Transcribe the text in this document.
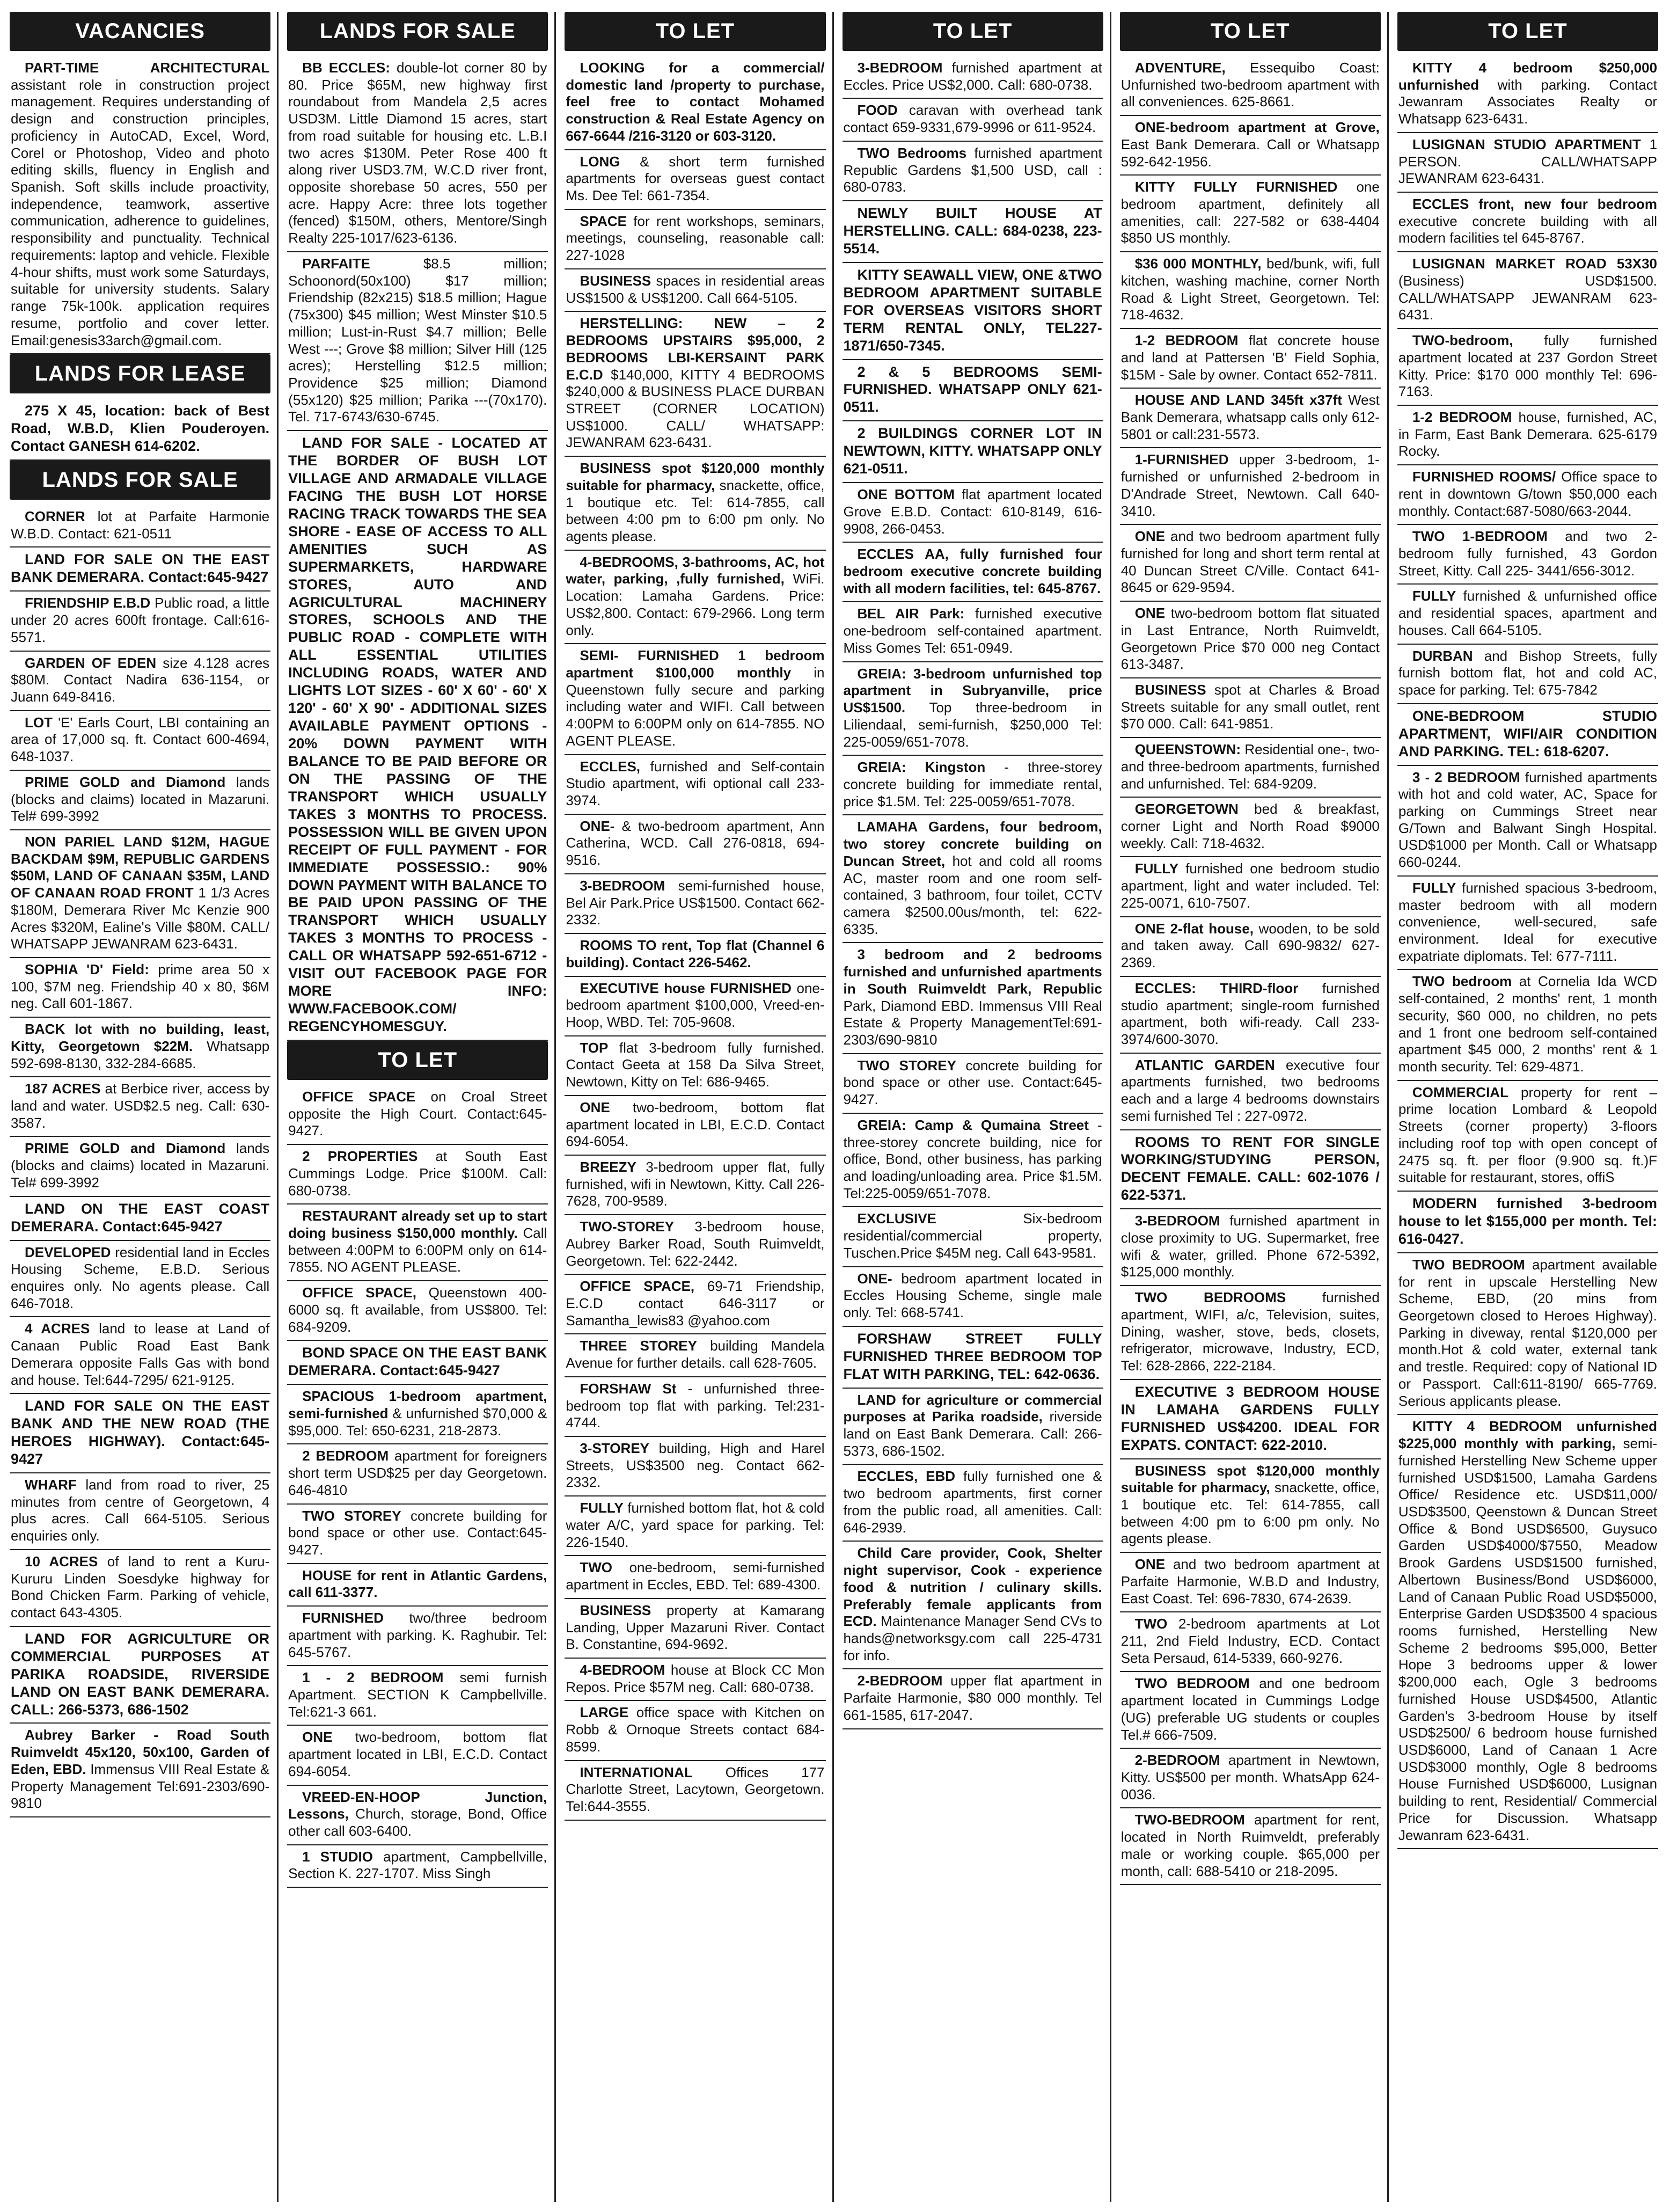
VACANCIES
PART-TIME ARCHITECTURAL assistant role in construction project management. Requires understanding of design and construction principles, proficiency in AutoCAD, Excel, Word, Corel or Photoshop, Video and photo editing skills, fluency in English and Spanish. Soft skills include proactivity, independence, teamwork, assertive communication, adherence to guidelines, responsibility and punctuality. Technical requirements: laptop and vehicle. Flexible 4-hour shifts, must work some Saturdays, suitable for university students. Salary range 75k-100k. application requires resume, portfolio and cover letter. Email:genesis33arch@gmail.com.
LANDS FOR LEASE
275 X 45, location: back of Best Road, W.B.D, Klien Pouderoyen. Contact GANESH 614-6202.
LANDS FOR SALE
CORNER lot at Parfaite Harmonie W.B.D. Contact: 621-0511
LAND FOR SALE ON THE EAST BANK DEMERARA. Contact:645-9427
FRIENDSHIP E.B.D Public road, a little under 20 acres 600ft frontage. Call:616-5571.
GARDEN OF EDEN size 4.128 acres $80M. Contact Nadira 636-1154, or Juann 649-8416.
LOT 'E' Earls Court, LBI containing an area of 17,000 sq. ft. Contact 600-4694, 648-1037.
PRIME GOLD and Diamond lands (blocks and claims) located in Mazaruni. Tel# 699-3992
NON PARIEL LAND $12M, HAGUE BACKDAM $9M, REPUBLIC GARDENS $50M, LAND OF CANAAN $35M, LAND OF CANAAN ROAD FRONT 1 1/3 Acres $180M, Demerara River Mc Kenzie 900 Acres $320M, Ealine's Ville $80M. CALL/ WHATSAPP JEWANRAM 623-6431.
SOPHIA 'D' Field: prime area 50 x 100, $7M neg. Friendship 40 x 80, $6M neg. Call 601-1867.
BACK lot with no building, least, Kitty, Georgetown $22M. Whatsapp 592-698-8130, 332-284-6685.
187 ACRES at Berbice river, access by land and water. USD$2.5 neg. Call: 630-3587.
PRIME GOLD and Diamond lands (blocks and claims) located in Mazaruni. Tel# 699-3992
LAND ON THE EAST COAST DEMERARA. Contact:645-9427
DEVELOPED residential land in Eccles Housing Scheme, E.B.D. Serious enquires only. No agents please. Call 646-7018.
4 ACRES land to lease at Land of Canaan Public Road East Bank Demerara opposite Falls Gas with bond and house. Tel:644-7295/ 621-9125.
LAND FOR SALE ON THE EAST BANK AND THE NEW ROAD (THE HEROES HIGHWAY). Contact:645-9427
WHARF land from road to river, 25 minutes from centre of Georgetown, 4 plus acres. Call 664-5105. Serious enquiries only.
10 ACRES of land to rent a Kuru-Kururu Linden Soesdyke highway for Bond Chicken Farm. Parking of vehicle, contact 643-4305.
LAND FOR AGRICULTURE OR COMMERCIAL PURPOSES AT PARIKA ROADSIDE, RIVERSIDE LAND ON EAST BANK DEMERARA. CALL: 266-5373, 686-1502
Aubrey Barker - Road South Ruimveldt 45x120, 50x100, Garden of Eden, EBD. Immensus VIII Real Estate & Property Management Tel:691-2303/690-9810
LANDS FOR SALE
BB ECCLES: double-lot corner 80 by 80. Price $65M, new highway first roundabout from Mandela 2,5 acres USD3M. Little Diamond 15 acres, start from road suitable for housing etc. L.B.I two acres $130M. Peter Rose 400 ft along river USD3.7M, W.C.D river front, opposite shorebase 50 acres, 550 per acre. Happy Acre: three lots together (fenced) $150M, others, Mentore/Singh Realty 225-1017/623-6136.
PARFAITE	$8.5 million; Schoonord(50x100) $17 million; Friendship (82x215) $18.5 million; Hague (75x300) $45 million; West Minster $10.5 million; Lust-in-Rust $4.7 million; Belle West ---; Grove $8 million; Silver Hill (125 acres); Herstelling $12.5 million; Providence $25 million; Diamond (55x120) $25 million; Parika ---(70x170). Tel. 717-6743/630-6745.
LAND FOR SALE - LOCATED AT THE BORDER OF BUSH LOT VILLAGE AND ARMADALE VILLAGE FACING THE BUSH LOT HORSE RACING TRACK TOWARDS THE SEA SHORE - EASE OF ACCESS TO ALL AMENITIES SUCH AS SUPERMARKETS, HARDWARE STORES, AUTO AND AGRICULTURAL MACHINERY STORES, SCHOOLS AND THE PUBLIC ROAD - COMPLETE WITH ALL ESSENTIAL UTILITIES INCLUDING ROADS, WATER AND LIGHTS LOT SIZES - 60' X 60' - 60' X 120' - 60' X 90' - ADDITIONAL SIZES AVAILABLE PAYMENT OPTIONS - 20% DOWN PAYMENT WITH BALANCE TO BE PAID BEFORE OR ON THE PASSING OF THE TRANSPORT WHICH USUALLY TAKES 3 MONTHS TO PROCESS. POSSESSION WILL BE GIVEN UPON RECEIPT OF FULL PAYMENT - FOR IMMEDIATE POSSESSIO.: 90% DOWN PAYMENT WITH BALANCE TO BE PAID UPON PASSING OF THE TRANSPORT WHICH USUALLY TAKES 3 MONTHS TO PROCESS - CALL OR WHATSAPP 592-651-6712 - VISIT OUT FACEBOOK PAGE FOR MORE INFO: WWW.FACEBOOK.COM/ REGENCYHOMESGUY.
TO LET
OFFICE SPACE on Croal Street opposite the High Court. Contact:645-9427.
2 PROPERTIES at South East Cummings Lodge. Price $100M. Call: 680-0738.
RESTAURANT already set up to start doing business $150,000 monthly. Call between 4:00PM to 6:00PM only on 614-7855. NO AGENT PLEASE.
OFFICE SPACE, Queenstown 400-6000 sq. ft available, from US$800. Tel: 684-9209.
BOND SPACE ON THE EAST BANK DEMERARA. Contact:645-9427
SPACIOUS 1-bedroom apartment, semi-furnished & unfurnished $70,000 & $95,000. Tel: 650-6231, 218-2873.
2 BEDROOM apartment for foreigners short term USD$25 per day Georgetown. 646-4810
TWO STOREY concrete building for bond space or other use. Contact:645-9427.
HOUSE for rent in Atlantic Gardens, call 611-3377.
FURNISHED two/three bedroom apartment with parking. K. Raghubir. Tel: 645-5767.
1 - 2 BEDROOM semi furnish Apartment. SECTION K Campbellville. Tel:621-3 661.
ONE two-bedroom, bottom flat apartment located in LBI, E.C.D. Contact 694-6054.
VREED-EN-HOOP Junction, Lessons, Church, storage, Bond, Office other call 603-6400.
1 STUDIO apartment, Campbellville, Section K. 227-1707. Miss Singh
TO LET
LOOKING for a commercial/ domestic land /property to purchase, feel free to contact Mohamed construction & Real Estate Agency on 667-6644 /216-3120 or 603-3120.
LONG & short term furnished apartments for overseas guest contact Ms. Dee Tel: 661-7354.
SPACE for rent workshops, seminars, meetings, counseling, reasonable call: 227-1028
BUSINESS spaces in residential areas US$1500 & US$1200. Call 664-5105.
HERSTELLING: NEW – 2 BEDROOMS UPSTAIRS $95,000, 2 BEDROOMS LBI-KERSAINT PARK E.C.D $140,000, KITTY 4 BEDROOMS $240,000 & BUSINESS PLACE DURBAN STREET (CORNER LOCATION) US$1000. CALL/ WHATSAPP: JEWANRAM 623-6431.
BUSINESS spot $120,000 monthly suitable for pharmacy, snackette, office, 1 boutique etc. Tel: 614-7855, call between 4:00 pm to 6:00 pm only. No agents please.
4-BEDROOMS, 3-bathrooms, AC, hot water, parking, ,fully furnished, WiFi. Location: Lamaha Gardens. Price: US$2,800. Contact: 679-2966. Long term only.
SEMI- FURNISHED 1 bedroom apartment $100,000 monthly in Queenstown fully secure and parking including water and WIFI. Call between 4:00PM to 6:00PM only on 614-7855. NO AGENT PLEASE.
ECCLES, furnished and Self-contain Studio apartment, wifi optional call 233-3974.
ONE- & two-bedroom apartment, Ann Catherina, WCD. Call 276-0818, 694-9516.
3-BEDROOM semi-furnished house, Bel Air Park.Price US$1500. Contact 662-2332.
ROOMS TO rent, Top flat (Channel 6 building). Contact 226-5462.
EXECUTIVE house FURNISHED one-bedroom apartment $100,000, Vreed-en-Hoop, WBD. Tel: 705-9608.
TOP flat 3-bedroom fully furnished. Contact Geeta at 158 Da Silva Street, Newtown, Kitty on Tel: 686-9465.
ONE two-bedroom, bottom flat apartment located in LBI, E.C.D. Contact 694-6054.
BREEZY 3-bedroom upper flat, fully furnished, wifi in Newtown, Kitty. Call 226-7628, 700-9589.
TWO-STOREY 3-bedroom house, Aubrey Barker Road, South Ruimveldt, Georgetown. Tel: 622-2442.
OFFICE SPACE, 69-71 Friendship, E.C.D contact 646-3117 or Samantha_lewis83 @yahoo.com
THREE STOREY building Mandela Avenue for further details. call 628-7605.
FORSHAW St - unfurnished three-bedroom top flat with parking. Tel:231-4744.
3-STOREY building, High and Harel Streets, US$3500 neg. Contact 662-2332.
FULLY furnished bottom flat, hot & cold water A/C, yard space for parking. Tel: 226-1540.
TWO one-bedroom, semi-furnished apartment in Eccles, EBD. Tel: 689-4300.
BUSINESS property at Kamarang Landing, Upper Mazaruni River. Contact B. Constantine, 694-9692.
4-BEDROOM house at Block CC Mon Repos. Price $57M neg. Call: 680-0738.
LARGE office space with Kitchen on Robb & Ornoque Streets contact 684-8599.
INTERNATIONAL Offices 177 Charlotte Street, Lacytown, Georgetown. Tel:644-3555.
TO LET
3-BEDROOM furnished apartment at Eccles. Price US$2,000. Call: 680-0738.
FOOD caravan with overhead tank contact 659-9331,679-9996 or 611-9524.
TWO Bedrooms furnished apartment Republic Gardens $1,500 USD, call : 680-0783.
NEWLY BUILT HOUSE AT HERSTELLING. CALL: 684-0238, 223-5514.
KITTY SEAWALL VIEW, ONE &TWO BEDROOM APARTMENT SUITABLE FOR OVERSEAS VISITORS SHORT TERM RENTAL ONLY, TEL227-1871/650-7345.
2 & 5 BEDROOMS SEMI-FURNISHED. WHATSAPP ONLY 621-0511.
2 BUILDINGS CORNER LOT IN NEWTOWN, KITTY. WHATSAPP ONLY 621-0511.
ONE BOTTOM flat apartment located Grove E.B.D. Contact: 610-8149, 616-9908, 266-0453.
ECCLES AA, fully furnished four bedroom executive concrete building with all modern facilities, tel: 645-8767.
BEL AIR Park: furnished executive one-bedroom self-contained apartment. Miss Gomes Tel: 651-0949.
GREIA: 3-bedroom unfurnished top apartment in Subryanville, price US$1500. Top three-bedroom in Liliendaal, semi-furnish, $250,000 Tel: 225-0059/651-7078.
GREIA: Kingston - three-storey concrete building for immediate rental, price $1.5M. Tel: 225-0059/651-7078.
LAMAHA Gardens, four bedroom, two storey concrete building on Duncan Street, hot and cold all rooms AC, master room and one room self-contained, 3 bathroom, four toilet, CCTV camera $2500.00us/month, tel: 622-6335.
3 bedroom and 2 bedrooms furnished and unfurnished apartments in South Ruimveldt Park, Republic Park, Diamond EBD. Immensus VIII Real Estate & Property ManagementTel:691-2303/690-9810
TWO STOREY concrete building for bond space or other use. Contact:645-9427.
GREIA: Camp & Qumaina Street - three-storey concrete building, nice for office, Bond, other business, has parking and loading/unloading area. Price $1.5M. Tel:225-0059/651-7078.
EXCLUSIVE	Six-bedroom residential/commercial property, Tuschen.Price $45M neg. Call 643-9581.
ONE- bedroom apartment located in Eccles Housing Scheme, single male only. Tel: 668-5741.
FORSHAW STREET FULLY FURNISHED THREE BEDROOM TOP FLAT WITH PARKING, TEL: 642-0636.
LAND for agriculture or commercial purposes at Parika roadside, riverside land on East Bank Demerara. Call: 266-5373, 686-1502.
ECCLES, EBD fully furnished one & two bedroom apartments, first corner from the public road, all amenities. Call: 646-2939.
Child Care provider, Cook, Shelter night supervisor, Cook - experience food & nutrition / culinary skills. Preferably female applicants from ECD. Maintenance Manager Send CVs to hands@networksgy.com call 225-4731 for info.
2-BEDROOM upper flat apartment in Parfaite Harmonie, $80 000 monthly. Tel 661-1585, 617-2047.
TO LET
ADVENTURE, Essequibo Coast: Unfurnished two-bedroom apartment with all conveniences. 625-8661.
ONE-bedroom apartment at Grove, East Bank Demerara. Call or Whatsapp 592-642-1956.
KITTY FULLY FURNISHED one bedroom apartment, definitely all amenities, call: 227-582 or 638-4404 $850 US monthly.
$36 000 MONTHLY, bed/bunk, wifi, full kitchen, washing machine, corner North Road & Light Street, Georgetown. Tel: 718-4632.
1-2 BEDROOM flat concrete house and land at Pattersen 'B' Field Sophia, $15M - Sale by owner. Contact 652-7811.
HOUSE AND LAND 345ft x37ft West Bank Demerara, whatsapp calls only 612-5801 or call:231-5573.
1-FURNISHED upper 3-bedroom, 1-furnished or unfurnished 2-bedroom in D'Andrade Street, Newtown. Call 640-3410.
ONE and two bedroom apartment fully furnished for long and short term rental at 40 Duncan Street C/Ville. Contact 641-8645 or 629-9594.
ONE two-bedroom bottom flat situated in Last Entrance, North Ruimveldt, Georgetown Price $70 000 neg Contact 613-3487.
BUSINESS spot at Charles & Broad Streets suitable for any small outlet, rent $70 000. Call: 641-9851.
QUEENSTOWN: Residential one-, two- and three-bedroom apartments, furnished and unfurnished. Tel: 684-9209.
GEORGETOWN bed & breakfast, corner Light and North Road $9000 weekly. Call: 718-4632.
FULLY furnished one bedroom studio apartment, light and water included. Tel: 225-0071, 610-7507.
ONE 2-flat house, wooden, to be sold and taken away. Call 690-9832/ 627-2369.
ECCLES: THIRD-floor furnished studio apartment; single-room furnished apartment, both wifi-ready. Call 233-3974/600-3070.
ATLANTIC GARDEN executive four apartments furnished, two bedrooms each and a large 4 bedrooms downstairs semi furnished Tel : 227-0972.
ROOMS TO RENT FOR SINGLE WORKING/STUDYING PERSON, DECENT FEMALE. CALL: 602-1076 / 622-5371.
3-BEDROOM furnished apartment in close proximity to UG. Supermarket, free wifi & water, grilled. Phone 672-5392, $125,000 monthly.
TWO BEDROOMS	furnished apartment, WIFI, a/c, Television, suites, Dining, washer, stove, beds, closets, refrigerator, microwave, Industry, ECD, Tel: 628-2866, 222-2184.
EXECUTIVE 3 BEDROOM HOUSE IN LAMAHA GARDENS FULLY FURNISHED US$4200. IDEAL FOR EXPATS. CONTACT: 622-2010.
BUSINESS spot $120,000 monthly suitable for pharmacy, snackette, office, 1 boutique etc. Tel: 614-7855, call between 4:00 pm to 6:00 pm only. No agents please.
ONE and two bedroom apartment at Parfaite Harmonie, W.B.D and Industry, East Coast. Tel: 696-7830, 674-2639.
TWO 2-bedroom apartments at Lot 211, 2nd Field Industry, ECD. Contact Seta Persaud, 614-5339, 660-9276.
TWO BEDROOM and one bedroom apartment located in Cummings Lodge (UG) preferable UG students or couples Tel.# 666-7509.
2-BEDROOM apartment in Newtown, Kitty. US$500 per month. WhatsApp 624-0036.
TWO-BEDROOM apartment for rent, located in North Ruimveldt, preferably male or working couple. $65,000 per month, call: 688-5410 or 218-2095.
TO LET
KITTY 4 bedroom $250,000 unfurnished with parking. Contact Jewanram Associates Realty or Whatsapp 623-6431.
LUSIGNAN STUDIO APARTMENT 1 PERSON. CALL/WHATSAPP JEWANRAM 623-6431.
ECCLES front, new four bedroom executive concrete building with all modern facilities tel 645-8767.
LUSIGNAN MARKET ROAD 53X30 (Business) USD$1500. CALL/WHATSAPP JEWANRAM 623-6431.
TWO-bedroom, fully furnished apartment located at 237 Gordon Street Kitty. Price: $170 000 monthly Tel: 696-7163.
1-2 BEDROOM house, furnished, AC, in Farm, East Bank Demerara. 625-6179 Rocky.
FURNISHED ROOMS/ Office space to rent in downtown G/town $50,000 each monthly. Contact:687-5080/663-2044.
TWO 1-BEDROOM and two 2-bedroom fully furnished, 43 Gordon Street, Kitty. Call 225- 3441/656-3012.
FULLY furnished & unfurnished office and residential spaces, apartment and houses. Call 664-5105.
DURBAN and Bishop Streets, fully furnish bottom flat, hot and cold AC, space for parking. Tel: 675-7842
ONE-BEDROOM STUDIO APARTMENT, WIFI/AIR CONDITION AND PARKING. TEL: 618-6207.
3 - 2 BEDROOM furnished apartments with hot and cold water, AC, Space for parking on Cummings Street near G/Town and Balwant Singh Hospital. USD$1000 per Month. Call or Whatsapp 660-0244.
FULLY furnished spacious 3-bedroom, master bedroom with all modern convenience, well-secured, safe environment. Ideal for executive expatriate diplomats. Tel: 677-7111.
TWO bedroom at Cornelia Ida WCD self-contained, 2 months' rent, 1 month security, $60 000, no children, no pets and 1 front one bedroom self-contained apartment $45 000, 2 months' rent & 1 month security. Tel: 629-4871.
COMMERCIAL property for rent – prime location Lombard & Leopold Streets (corner property) 3-floors including roof top with open concept of 2475 sq. ft. per floor (9.900 sq. ft.)F suitable for restaurant, stores, offiS
MODERN furnished 3-bedroom house to let $155,000 per month. Tel: 616-0427.
TWO BEDROOM apartment available for rent in upscale Herstelling New Scheme, EBD, (20 mins from Georgetown closed to Heroes Highway). Parking in diveway, rental $120,000 per month.Hot & cold water, external tank and trestle. Required: copy of National ID or Passport. Call:611-8190/ 665-7769. Serious applicants please.
KITTY 4 BEDROOM unfurnished $225,000 monthly with parking, semi-furnished Herstelling New Scheme upper furnished USD$1500, Lamaha Gardens Office/ Residence etc. USD$11,000/ USD$3500, Qeenstown & Duncan Street Office & Bond USD$6500, Guysuco Garden USD$4000/$7550, Meadow Brook Gardens USD$1500 furnished, Albertown Business/Bond USD$6000, Land of Canaan Public Road USD$5000, Enterprise Garden USD$3500 4 spacious rooms furnished, Herstelling New Scheme 2 bedrooms $95,000, Better Hope 3 bedrooms upper & lower $200,000 each, Ogle 3 bedrooms furnished House USD$4500, Atlantic Garden's 3-bedroom House by itself USD$2500/ 6 bedroom house furnished USD$6000, Land of Canaan 1 Acre USD$3000 monthly, Ogle 8 bedrooms House Furnished USD$6000, Lusignan building to rent, Residential/ Commercial Price for Discussion. Whatsapp Jewanram 623-6431.
